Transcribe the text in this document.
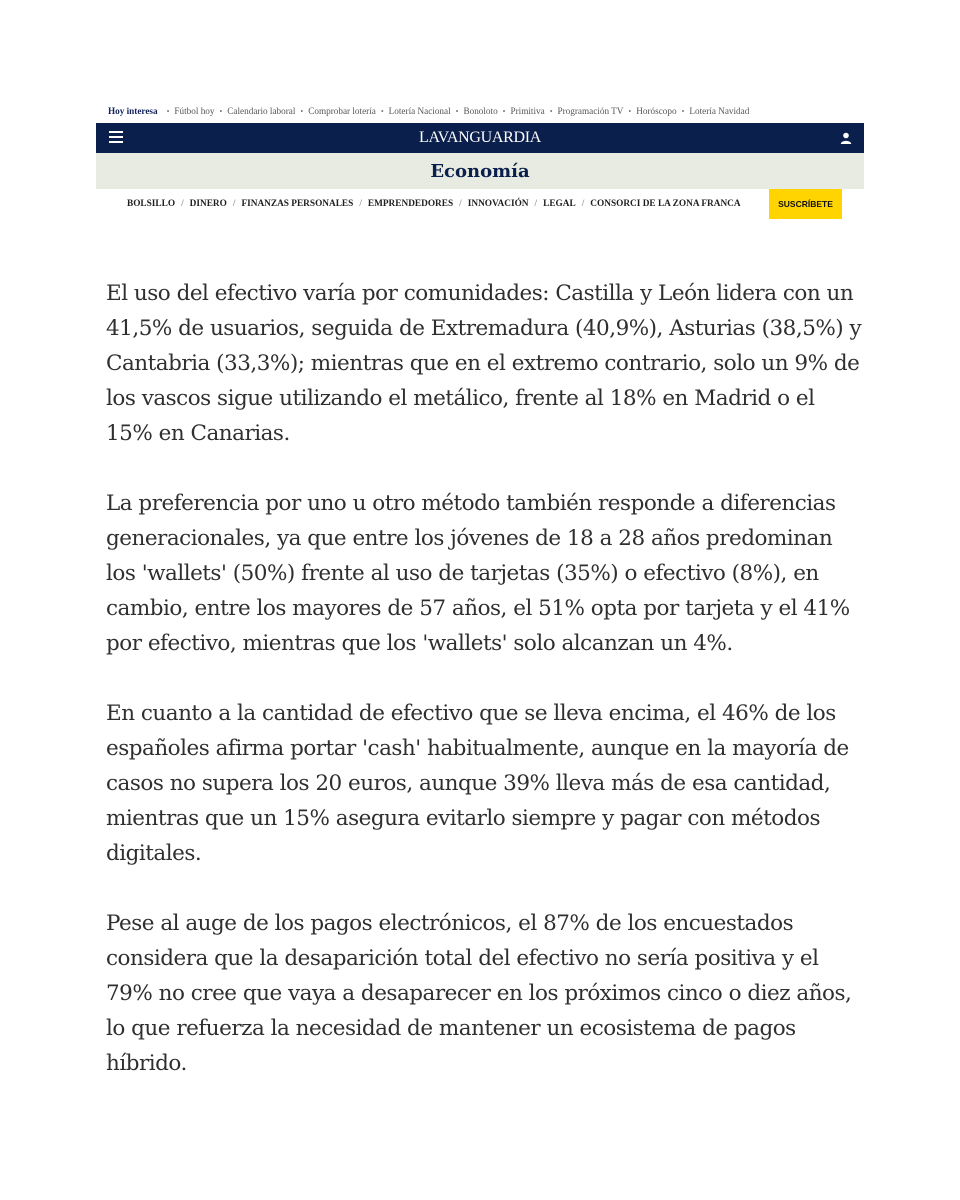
Hoy interesa • Fútbol hoy • Calendario laboral • Comprobar lotería • Lotería Nacional • Bonoloto • Primitiva • Programación TV • Horóscopo • Lotería Navidad
LAVANGUARDIA
Economía
BOLSILLO / DINERO / FINANZAS PERSONALES / EMPRENDEDORES / INNOVACIÓN / LEGAL / CONSORCI DE LA ZONA FRANCA	SUSCRÍBETE

El uso del efectivo varía por comunidades: Castilla y León lidera con un 41,5% de usuarios, seguida de Extremadura (40,9%), Asturias (38,5%) y Cantabria (33,3%); mientras que en el extremo contrario, solo un 9% de los vascos sigue utilizando el metálico, frente al 18% en Madrid o el 15% en Canarias.

La preferencia por uno u otro método también responde a diferencias generacionales, ya que entre los jóvenes de 18 a 28 años predominan los 'wallets' (50%) frente al uso de tarjetas (35%) o efectivo (8%), en cambio, entre los mayores de 57 años, el 51% opta por tarjeta y el 41% por efectivo, mientras que los 'wallets' solo alcanzan un 4%.

En cuanto a la cantidad de efectivo que se lleva encima, el 46% de los españoles afirma portar 'cash' habitualmente, aunque en la mayoría de casos no supera los 20 euros, aunque 39% lleva más de esa cantidad, mientras que un 15% asegura evitarlo siempre y pagar con métodos digitales.

Pese al auge de los pagos electrónicos, el 87% de los encuestados considera que la desaparición total del efectivo no sería positiva y el 79% no cree que vaya a desaparecer en los próximos cinco o diez años, lo que refuerza la necesidad de mantener un ecosistema de pagos híbrido.
